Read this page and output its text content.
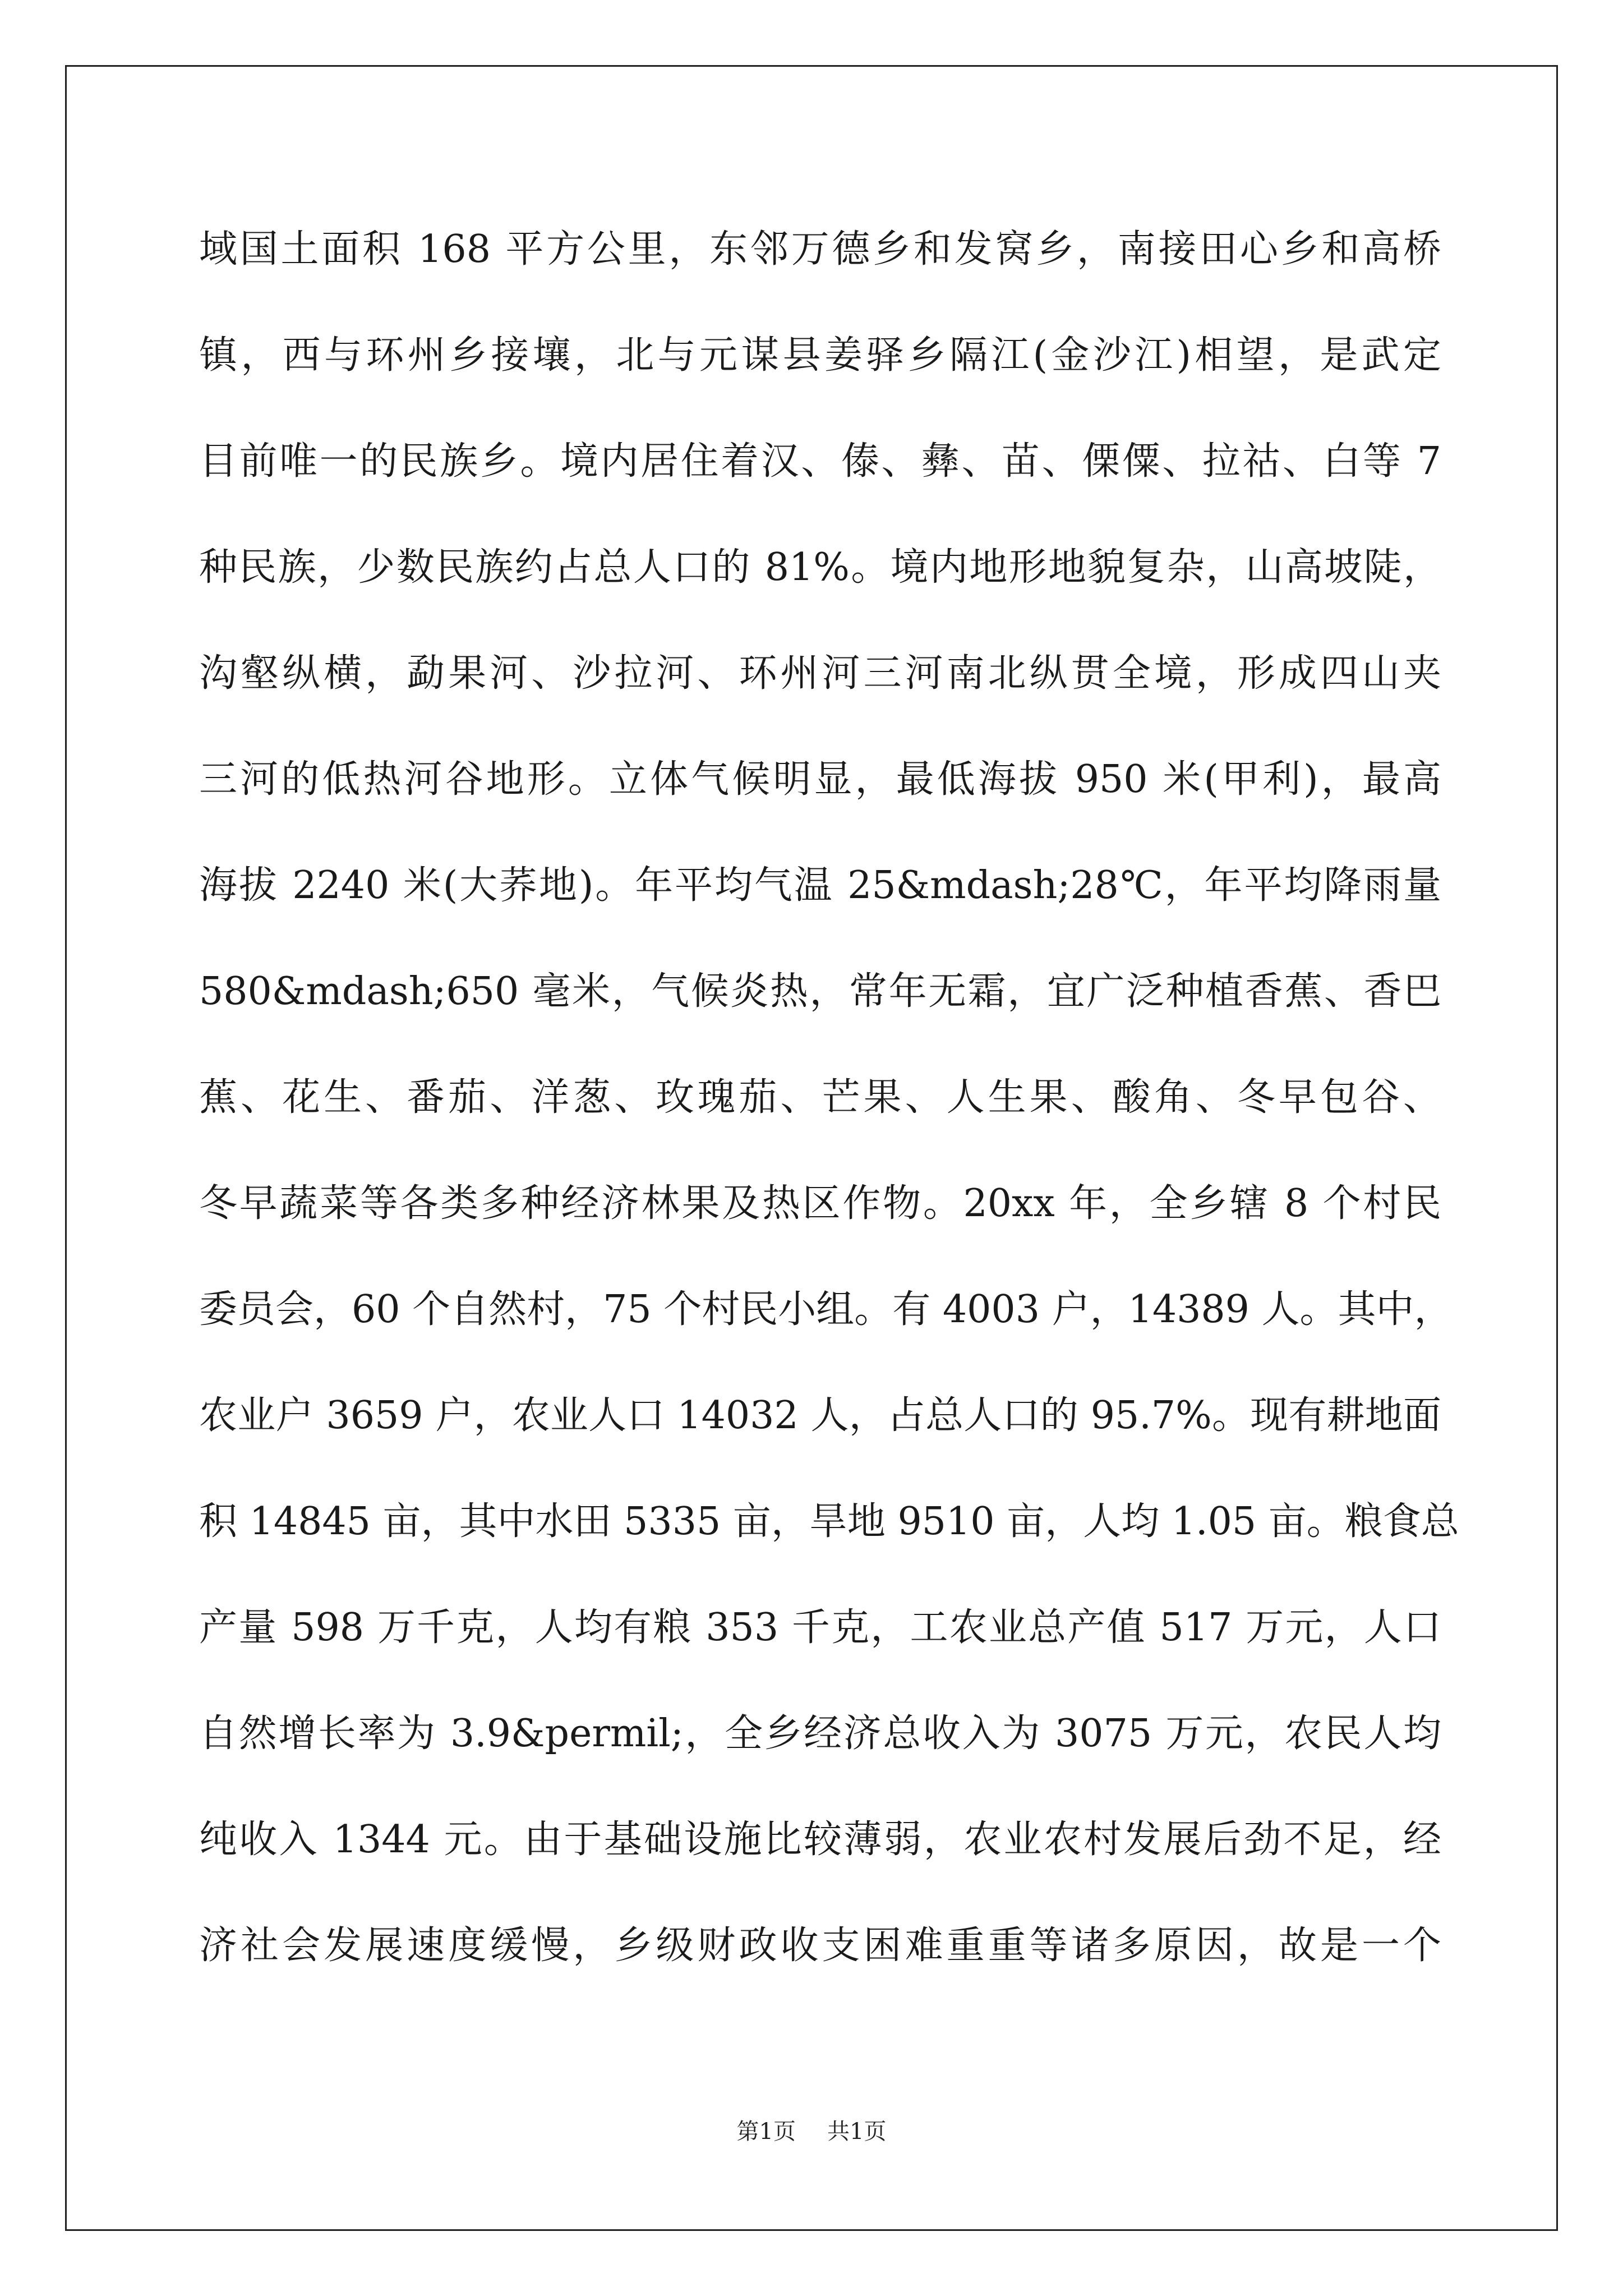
域国土面积 168 平方公里，东邻万德乡和发窝乡，南接田心乡和高桥
镇，西与环州乡接壤，北与元谋县姜驿乡隔江(金沙江)相望，是武定
目前唯一的民族乡。境内居住着汉、傣、彝、苗、傈僳、拉祜、白等 7
种民族，少数民族约占总人口的 81%。境内地形地貌复杂，山高坡陡，
沟壑纵横，勐果河、沙拉河、环州河三河南北纵贯全境，形成四山夹
三河的低热河谷地形。立体气候明显，最低海拔 950 米(甲利)，最高
海拔 2240 米(大荞地)。年平均气温 25&mdash;28℃，年平均降雨量
580&mdash;650 毫米，气候炎热，常年无霜，宜广泛种植香蕉、香巴
蕉、花生、番茄、洋葱、玫瑰茄、芒果、人生果、酸角、冬早包谷、
冬早蔬菜等各类多种经济林果及热区作物。20xx 年，全乡辖 8 个村民
委员会，60 个自然村，75 个村民小组。有 4003 户，14389 人。其中，
农业户 3659 户，农业人口 14032 人，占总人口的 95.7%。现有耕地面
积 14845 亩，其中水田 5335 亩，旱地 9510 亩，人均 1.05 亩。粮食总
产量 598 万千克，人均有粮 353 千克，工农业总产值 517 万元，人口
自然增长率为 3.9&permil;，全乡经济总收入为 3075 万元，农民人均
纯收入 1344 元。由于基础设施比较薄弱，农业农村发展后劲不足，经
济社会发展速度缓慢，乡级财政收支困难重重等诸多原因，故是一个
第1页 共1页
